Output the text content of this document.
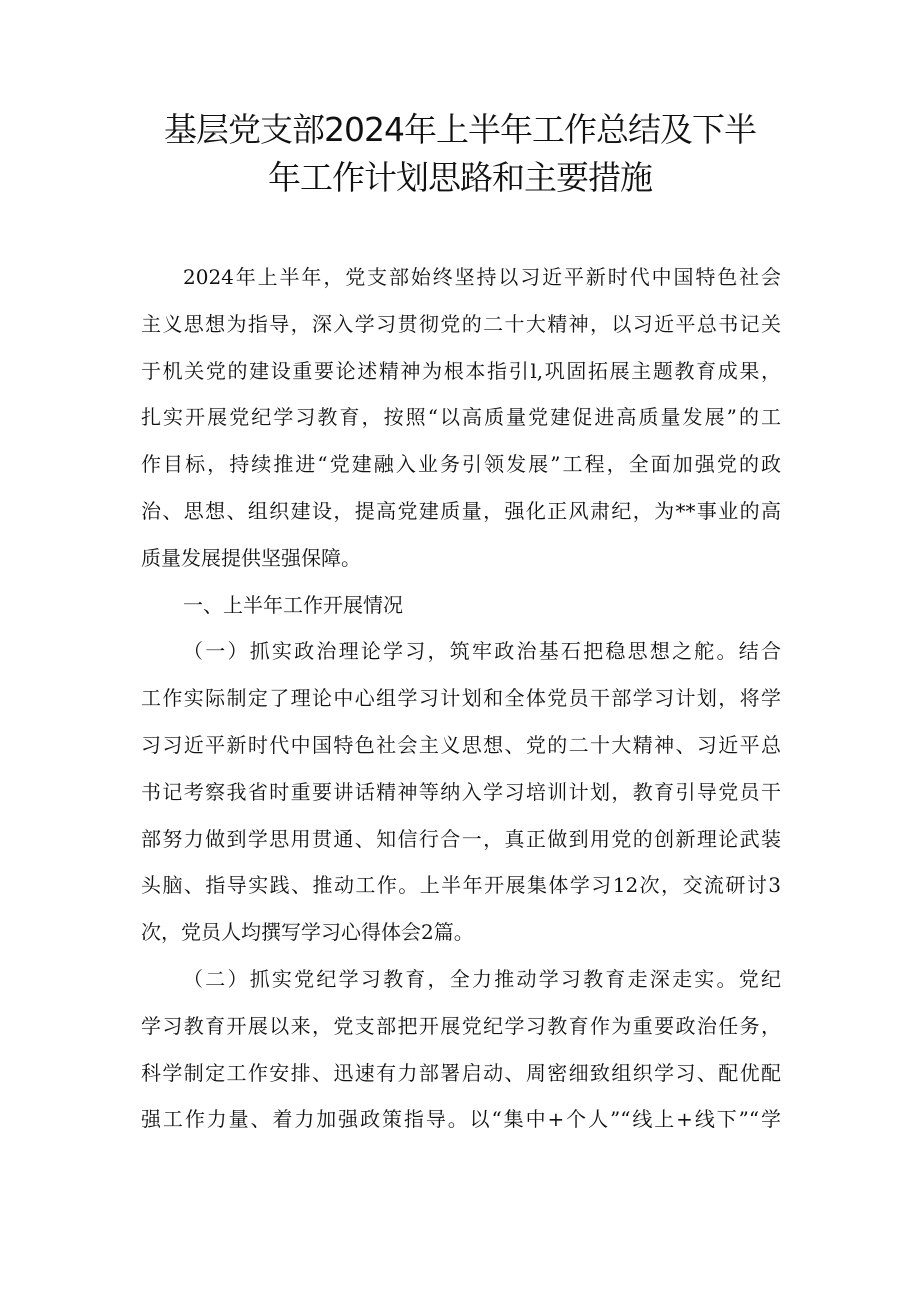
基层党支部2024年上半年工作总结及下半
年工作计划思路和主要措施
2024年上半年，党支部始终坚持以习近平新时代中国特色社会
主义思想为指导，深入学习贯彻党的二十大精神，以习近平总书记关
于机关党的建设重要论述精神为根本指引l,巩固拓展主题教育成果，
扎实开展党纪学习教育，按照“以高质量党建促进高质量发展”的工
作目标，持续推进“党建融入业务引领发展”工程，全面加强党的政
治、思想、组织建设，提高党建质量，强化正风肃纪，为**事业的高
质量发展提供坚强保障。
一、上半年工作开展情况
（一）抓实政治理论学习，筑牢政治基石把稳思想之舵。结合
工作实际制定了理论中心组学习计划和全体党员干部学习计划，将学
习习近平新时代中国特色社会主义思想、党的二十大精神、习近平总
书记考察我省时重要讲话精神等纳入学习培训计划，教育引导党员干
部努力做到学思用贯通、知信行合一，真正做到用党的创新理论武装
头脑、指导实践、推动工作。上半年开展集体学习12次，交流研讨3
次，党员人均撰写学习心得体会2篇。
（二）抓实党纪学习教育，全力推动学习教育走深走实。党纪
学习教育开展以来，党支部把开展党纪学习教育作为重要政治任务，
科学制定工作安排、迅速有力部署启动、周密细致组织学习、配优配
强工作力量、着力加强政策指导。以“集中+个人”“线上+线下”“学
